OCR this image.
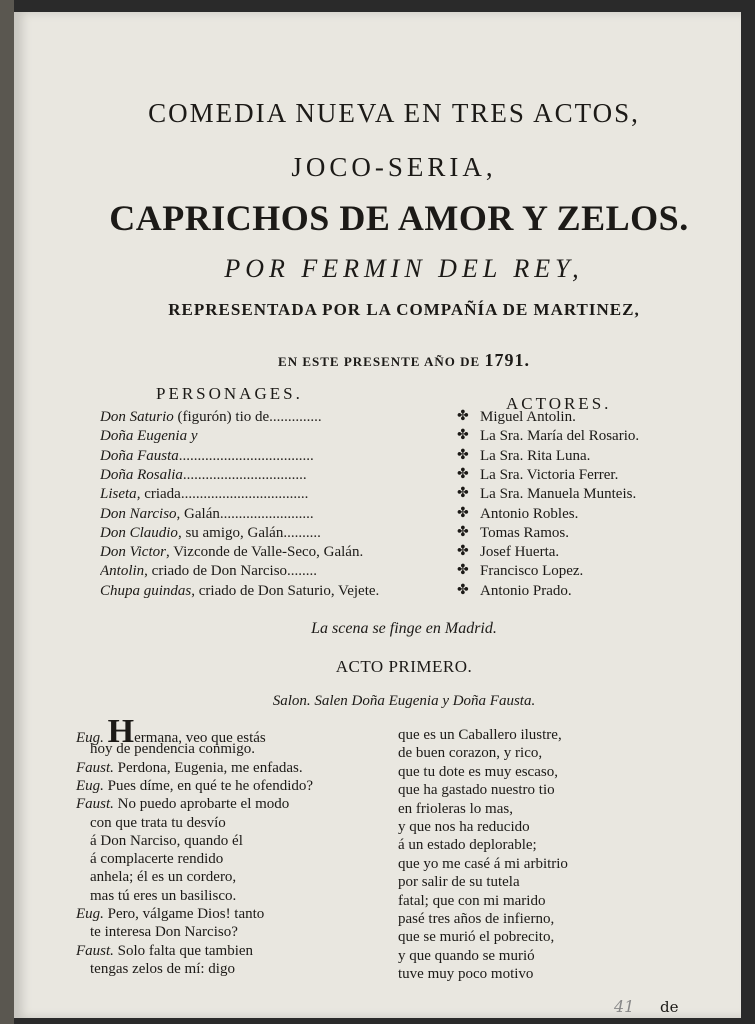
COMEDIA NUEVA EN TRES ACTOS,
JOCO-SERIA,
CAPRICHOS DE AMOR Y ZELOS.
POR FERMIN DEL REY,
REPRESENTADA POR LA COMPAÑÍA DE MARTINEZ,
EN ESTE PRESENTE AÑO DE 1791.
PERSONAGES.
ACTORES.
Don Saturio (figurón) tio de..............	✤ Miguel Antolin.
Doña Eugenia y	✤ La Sra. María del Rosario.
Doña Fausta....................................	✤ La Sra. Rita Luna.
Doña Rosalia.................................	✤ La Sra. Victoria Ferrer.
Liseta, criada..................................	✤ La Sra. Manuela Munteis.
Don Narciso, Galán.........................	✤ Antonio Robles.
Don Claudio, su amigo, Galán..........	✤ Tomas Ramos.
Don Victor, Vizconde de Valle-Seco, Galán.	✤ Josef Huerta.
Antolin, criado de Don Narciso........	✤ Francisco Lopez.
Chupa guindas, criado de Don Saturio, Vejete.	✤ Antonio Prado.
La scena se finge en Madrid.
ACTO PRIMERO.
Salon. Salen Doña Eugenia y Doña Fausta.
Eug. Hermana, veo que estás
hoy de pendencia conmigo.
Faust. Perdona, Eugenia, me enfadas.
Eug. Pues díme, en qué te he ofendido?
Faust. No puedo aprobarte el modo
con que trata tu desvío
á Don Narciso, quando él
á complacerte rendido
anhela; él es un cordero,
mas tú eres un basilisco.
Eug. Pero, válgame Dios! tanto
te interesa Don Narciso?
Faust. Solo falta que tambien
tengas zelos de mí: digo
que es un Caballero ilustre,
de buen corazon, y rico,
que tu dote es muy escaso,
que ha gastado nuestro tio
en frioleras lo mas,
y que nos ha reducido
á un estado deplorable;
que yo me casé á mi arbitrio
por salir de su tutela
fatal; que con mi marido
pasé tres años de infierno,
que se murió el pobrecito,
y que quando se murió
tuve muy poco motivo
41 de
